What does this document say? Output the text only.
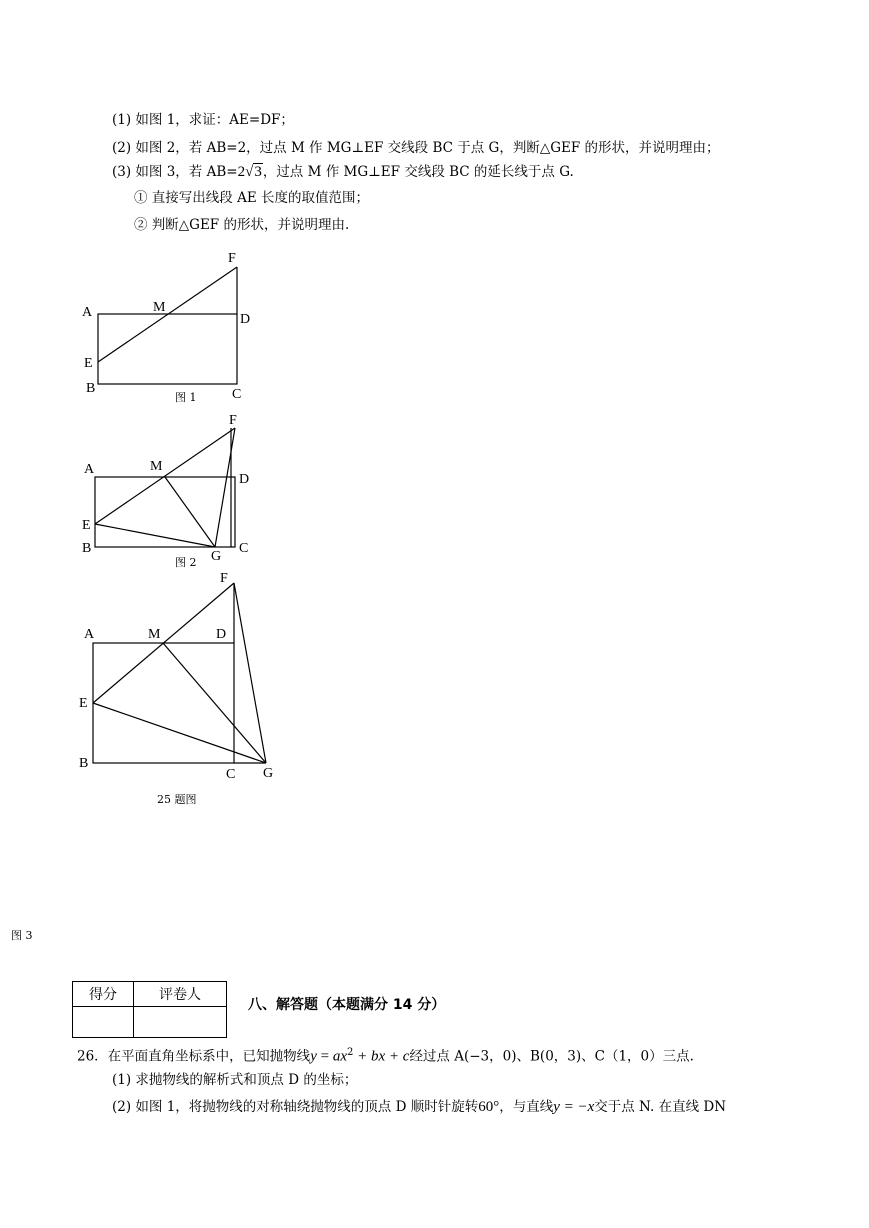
(1) 如图 1，求证：AE=DF；
(2) 如图 2，若 AB=2，过点 M 作 MG⊥EF 交线段 BC 于点 G，判断△GEF 的形状，并说明理由；
(3) 如图 3，若 AB=2√3，过点 M 作 MG⊥EF 交线段 BC 的延长线于点 G.
① 直接写出线段 AE 长度的取值范围；
② 判断△GEF 的形状，并说明理由.
F
A	M
D
E
B	C
F
A	M
D
E
B
G
C
F
A	M	D
E
B
C G
图 1
图 2
25 题图
图 3
得分	评卷人

八、解答题（本题满分 14 分）
26．在平面直角坐标系中，已知抛物线$y = ax^2$ + bx + c经过点 A(−3，0)、B(0，3)、C（1，0）三点.
(1) 求抛物线的解析式和顶点 D 的坐标；
(2) 如图 1，将抛物线的对称轴绕抛物线的顶点 D 顺时针旋转60°，与直线y = −x交于点 N. 在直线 DN
